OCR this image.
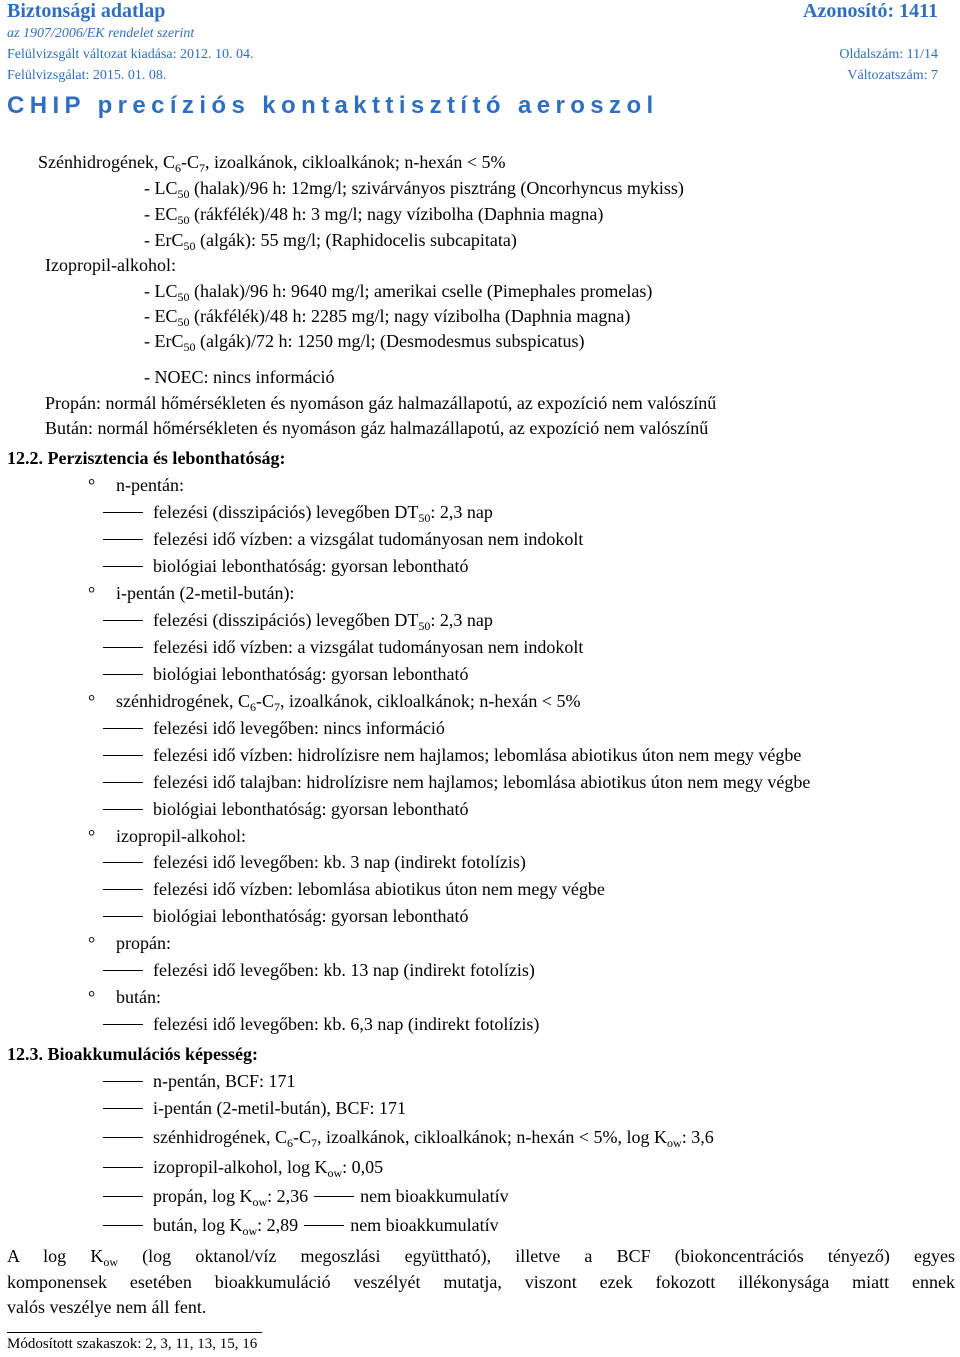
Biztonsági adatlap	Azonosító: 1411
az 1907/2006/EK rendelet szerint
Felülvizsgált változat kiadása: 2012. 10. 04.	Oldalszám: 11/14
Felülvizsgálat: 2015. 01. 08.	Változatszám: 7
CHIP precíziós kontakttisztító aeroszol
Szénhidrogének, $C_6-C_7$, izoalkánok, cikloalkánok; n-hexán < 5%
- $LC_{50}$ (halak)/96 h: 12mg/l; szivárványos pisztráng (Oncorhyncus mykiss)
- $EC_{50}$ (rákfélék)/48 h: 3 mg/l; nagy vízibolha (Daphnia magna)
- ErC$_{50}$ (algák): 55 mg/l; (Raphidocelis subcapitata)
Izopropil-alkohol:
- $LC_{50}$ (halak)/96 h: 9640 mg/l; amerikai cselle (Pimephales promelas)
- $EC_{50}$ (rákfélék)/48 h: 2285 mg/l; nagy vízibolha (Daphnia magna)
- ErC$_{50}$ (algák)/72 h: 1250 mg/l; (Desmodesmus subspicatus)
- NOEC: nincs információ
Propán: normál hőmérsékleten és nyomáson gáz halmazállapotú, az expozíció nem valószínű
Bután: normál hőmérsékleten és nyomáson gáz halmazállapotú, az expozíció nem valószínű
12.2. Perzisztencia és lebonthatóság:
° n-pentán:
felezési (disszipációs) levegőben $DT_{50}$: 2,3 nap
felezési idő vízben: a vizsgálat tudományosan nem indokolt
biológiai lebonthatóság: gyorsan lebontható
° i-pentán (2-metil-bután):
felezési (disszipációs) levegőben $DT_{50}$: 2,3 nap
felezési idő vízben: a vizsgálat tudományosan nem indokolt
biológiai lebonthatóság: gyorsan lebontható
° szénhidrogének, $C_6-C_7$, izoalkánok, cikloalkánok; n-hexán < 5%
felezési idő levegőben: nincs információ
felezési idő vízben: hidrolízisre nem hajlamos; lebomlása abiotikus úton nem megy végbe
felezési idő talajban: hidrolízisre nem hajlamos; lebomlása abiotikus úton nem megy végbe
biológiai lebonthatóság: gyorsan lebontható
° izopropil-alkohol:
felezési idő levegőben: kb. 3 nap (indirekt fotolízis)
felezési idő vízben: lebomlása abiotikus úton nem megy végbe
biológiai lebonthatóság: gyorsan lebontható
° propán:
felezési idő levegőben: kb. 13 nap (indirekt fotolízis)
° bután:
felezési idő levegőben: kb. 6,3 nap (indirekt fotolízis)
12.3. Bioakkumulációs képesség:
n-pentán, BCF: 171
i-pentán (2-metil-bután), BCF: 171
szénhidrogének, $C_6-C_7$, izoalkánok, cikloalkánok; n-hexán < 5%, $\log K_{ow}$: 3,6
izopropil-alkohol, $\log K_{ow}$: 0,05
propán, $\log K_{ow}$: 2,36	nem bioakkumulatív
bután, $\log K_{ow}$: 2,89	nem bioakkumulatív
A $\log K_{ow}$ (log oktanol/víz megoszlási együttható), illetve a BCF (biokoncentrációs tényező) egyes
komponensek esetében bioakkumuláció veszélyét mutatja, viszont ezek fokozott illékonysága miatt ennek
valós veszélye nem áll fent.
Módosított szakaszok: 2, 3, 11, 13, 15, 16
